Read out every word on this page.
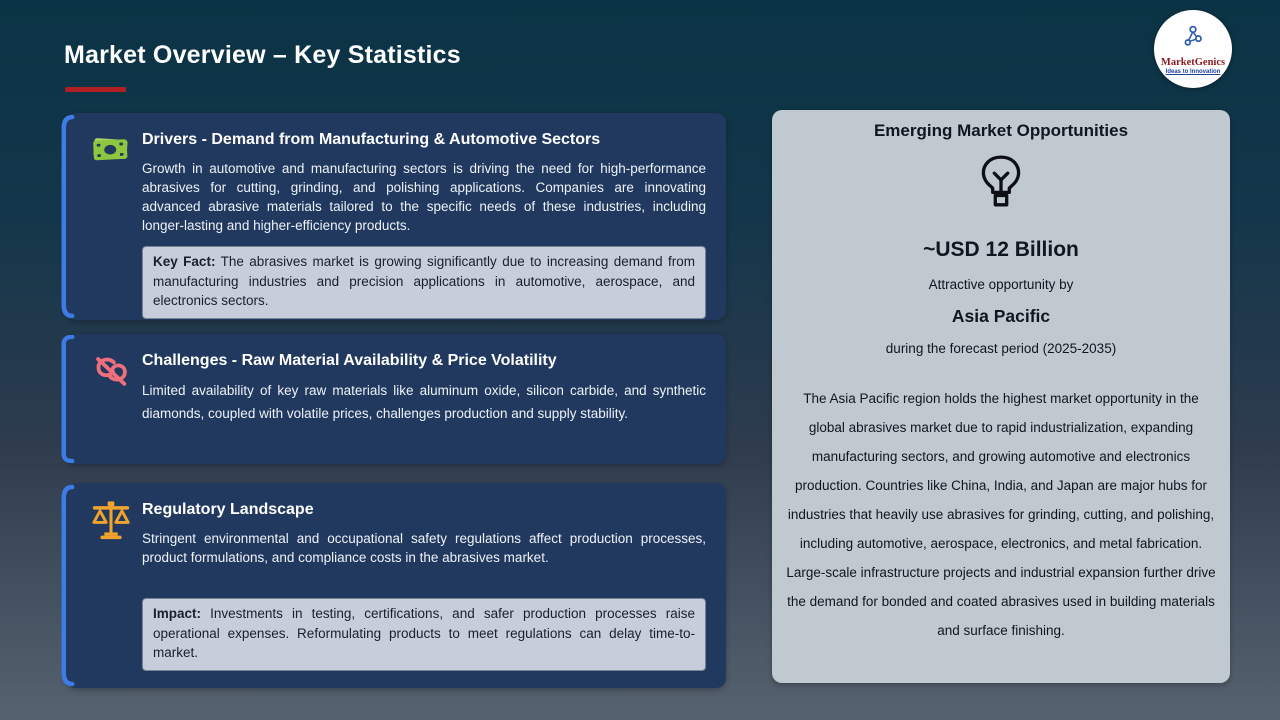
Market Overview – Key Statistics	MarketGenics
Ideas to Innovation
Drivers - Demand from Manufacturing & Automotive Sectors
Growth in automotive and manufacturing sectors is driving the need for high-performance abrasives for cutting, grinding, and polishing applications. Companies are innovating advanced abrasive materials tailored to the specific needs of these industries, including longer-lasting and higher-efficiency products.
Key Fact: The abrasives market is growing significantly due to increasing demand from manufacturing industries and precision applications in automotive, aerospace, and electronics sectors.
Challenges - Raw Material Availability & Price Volatility
Limited availability of key raw materials like aluminum oxide, silicon carbide, and synthetic diamonds, coupled with volatile prices, challenges production and supply stability.
Regulatory Landscape
Stringent environmental and occupational safety regulations affect production processes, product formulations, and compliance costs in the abrasives market.
Impact: Investments in testing, certifications, and safer production processes raise operational expenses. Reformulating products to meet regulations can delay time-to-market.
Emerging Market Opportunities
~USD 12 Billion
Attractive opportunity by
Asia Pacific
during the forecast period (2025-2035)
The Asia Pacific region holds the highest market opportunity in the global abrasives market due to rapid industrialization, expanding manufacturing sectors, and growing automotive and electronics production. Countries like China, India, and Japan are major hubs for industries that heavily use abrasives for grinding, cutting, and polishing, including automotive, aerospace, electronics, and metal fabrication. Large-scale infrastructure projects and industrial expansion further drive the demand for bonded and coated abrasives used in building materials and surface finishing.
